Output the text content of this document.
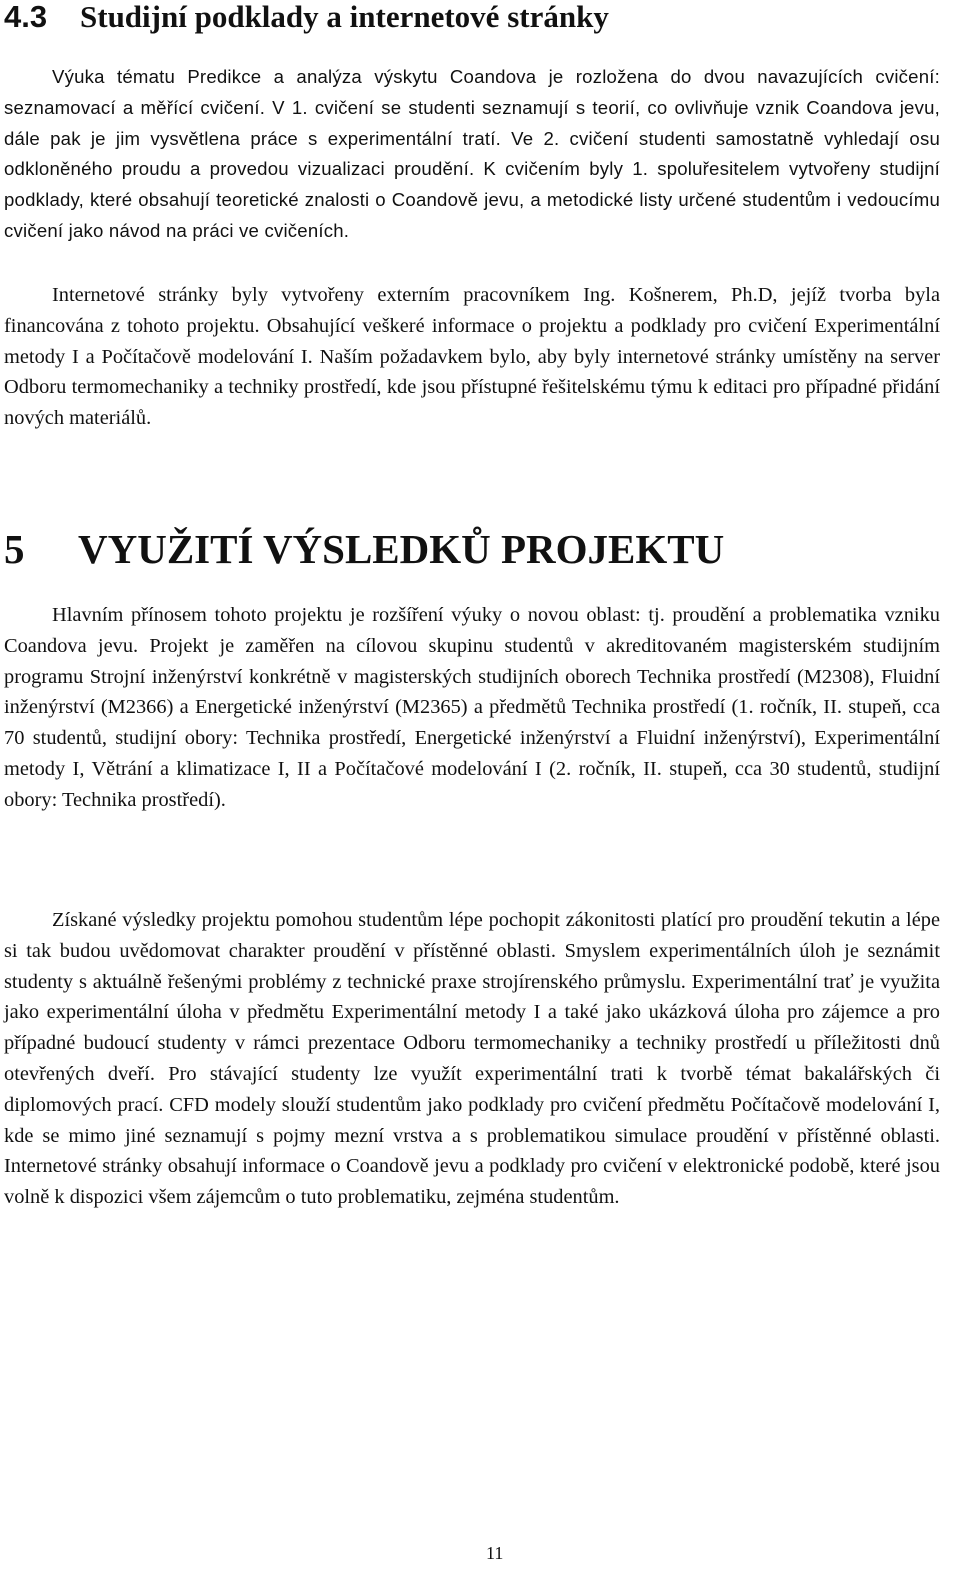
4.3 Studijní podklady a internetové stránky

Výuka tématu Predikce a analýza výskytu Coandova je rozložena do dvou navazujících cvičení: seznamovací a měřící cvičení. V 1. cvičení se studenti seznamují s teorií, co ovlivňuje vznik Coandova jevu, dále pak je jim vysvětlena práce s experimentální tratí. Ve 2. cvičení studenti samostatně vyhledají osu odkloněného proudu a provedou vizualizaci proudění. K cvičením byly 1. spoluřesitelem vytvořeny studijní podklady, které obsahují teoretické znalosti o Coandově jevu, a metodické listy určené studentům i vedoucímu cvičení jako návod na práci ve cvičeních.

Internetové stránky byly vytvořeny externím pracovníkem Ing. Košnerem, Ph.D, jejíž tvorba byla financována z tohoto projektu. Obsahující veškeré informace o projektu a podklady pro cvičení Experimentální metody I a Počítačově modelování I. Naším požadavkem bylo, aby byly internetové stránky umístěny na server Odboru termomechaniky a techniky prostředí, kde jsou přístupné řešitelskému týmu k editaci pro případné přidání nových materiálů.

5 VYUŽITÍ VÝSLEDKŮ PROJEKTU

Hlavním přínosem tohoto projektu je rozšíření výuky o novou oblast: tj. proudění a problematika vzniku Coandova jevu. Projekt je zaměřen na cílovou skupinu studentů v akreditovaném magisterském studijním programu Strojní inženýrství konkrétně v magisterských studijních oborech Technika prostředí (M2308), Fluidní inženýrství (M2366) a Energetické inženýrství (M2365) a předmětů Technika prostředí (1. ročník, II. stupeň, cca 70 studentů, studijní obory: Technika prostředí, Energetické inženýrství a Fluidní inženýrství), Experimentální metody I, Větrání a klimatizace I, II a Počítačové modelování I (2. ročník, II. stupeň, cca 30 studentů, studijní obory: Technika prostředí).

Získané výsledky projektu pomohou studentům lépe pochopit zákonitosti platící pro proudění tekutin a lépe si tak budou uvědomovat charakter proudění v přístěnné oblasti. Smyslem experimentálních úloh je seznámit studenty s aktuálně řešenými problémy z technické praxe strojírenského průmyslu. Experimentální trať je využita jako experimentální úloha v předmětu Experimentální metody I a také jako ukázková úloha pro zájemce a pro případné budoucí studenty v rámci prezentace Odboru termomechaniky a techniky prostředí u příležitosti dnů otevřených dveří. Pro stávající studenty lze využít experimentální trati k tvorbě témat bakalářských či diplomových prací. CFD modely slouží studentům jako podklady pro cvičení předmětu Počítačově modelování I, kde se mimo jiné seznamují s pojmy mezní vrstva a s problematikou simulace proudění v přístěnné oblasti. Internetové stránky obsahují informace o Coandově jevu a podklady pro cvičení v elektronické podobě, které jsou volně k dispozici všem zájemcům o tuto problematiku, zejména studentům.

11
